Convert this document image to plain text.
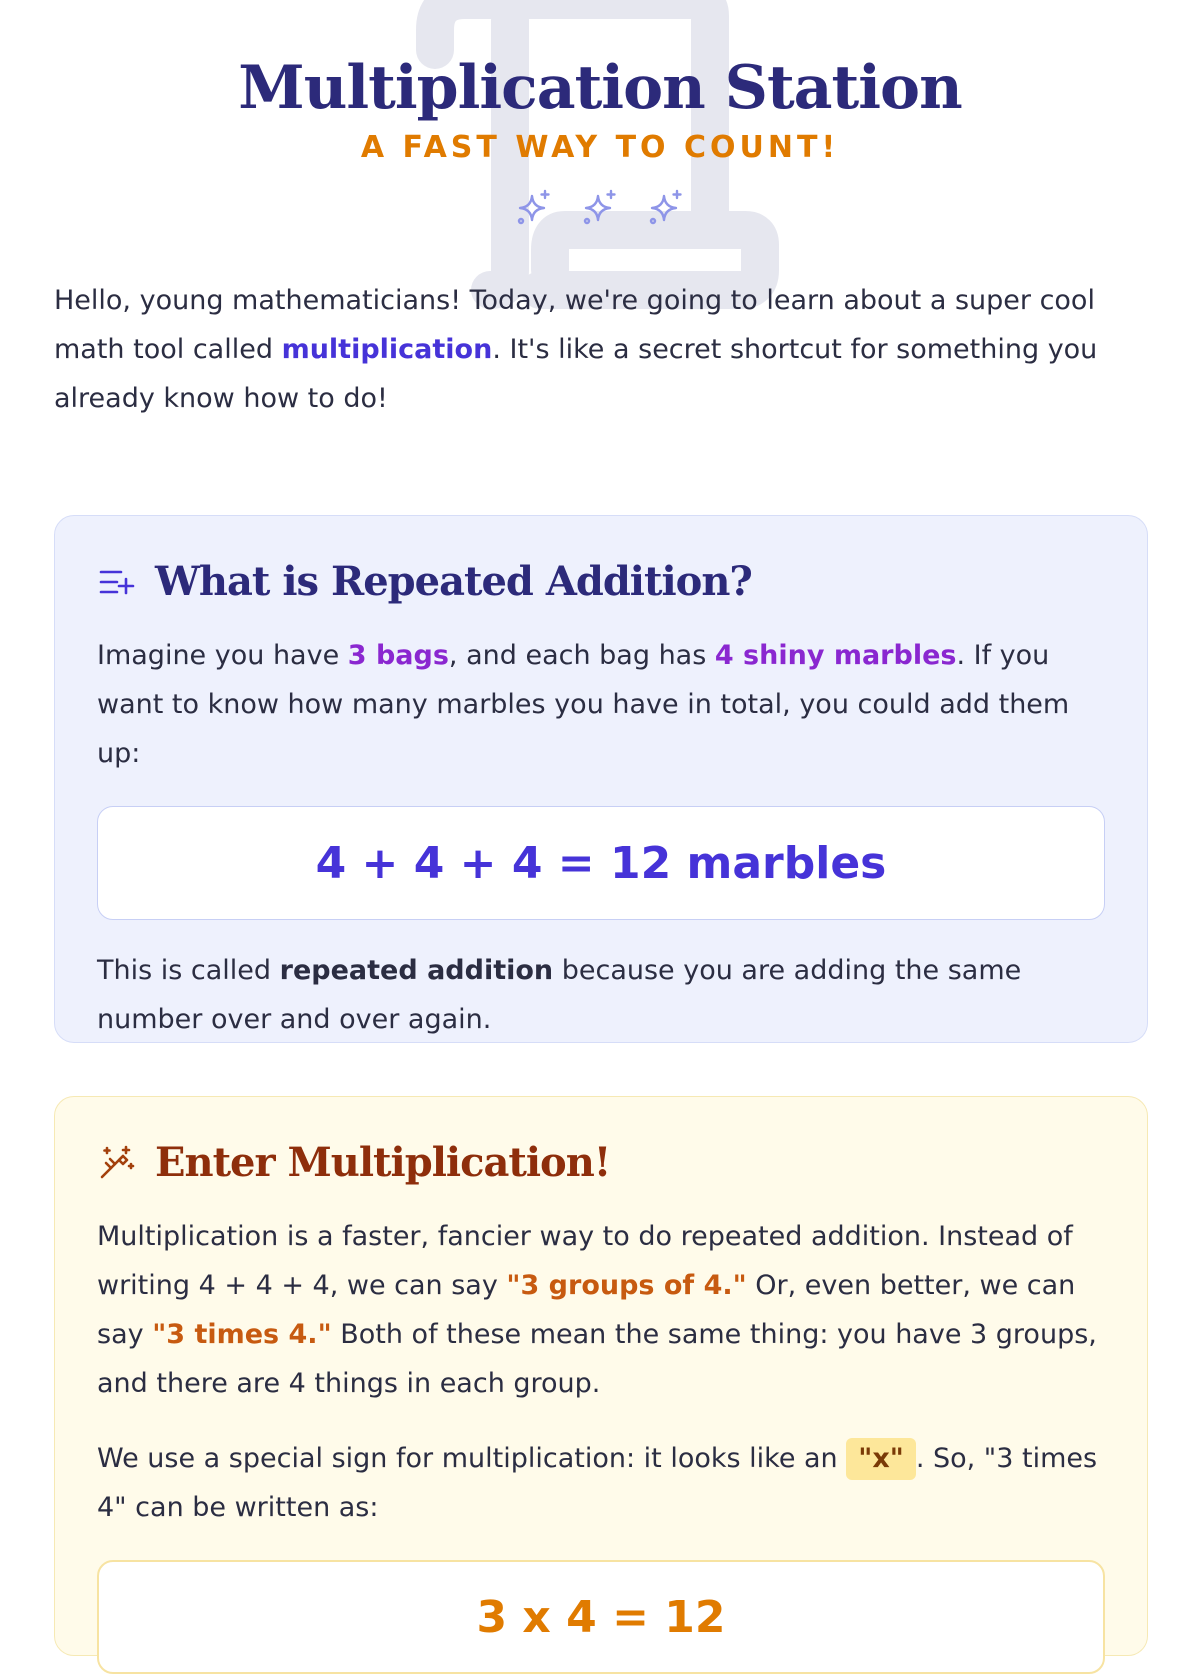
Multiplication Station
A FAST WAY TO COUNT!

Hello, young mathematicians! Today, we're going to learn about a super cool math tool called multiplication. It's like a secret shortcut for something you already know how to do!

What is Repeated Addition?

Imagine you have 3 bags, and each bag has 4 shiny marbles. If you want to know how many marbles you have in total, you could add them up:

4 + 4 + 4 = 12 marbles

This is called repeated addition because you are adding the same number over and over again.

Enter Multiplication!

Multiplication is a faster, fancier way to do repeated addition. Instead of writing 4 + 4 + 4, we can say "3 groups of 4." Or, even better, we can say "3 times 4." Both of these mean the same thing: you have 3 groups, and there are 4 things in each group.

We use a special sign for multiplication: it looks like an "x" . So, "3 times 4" can be written as:

3 x 4 = 12
